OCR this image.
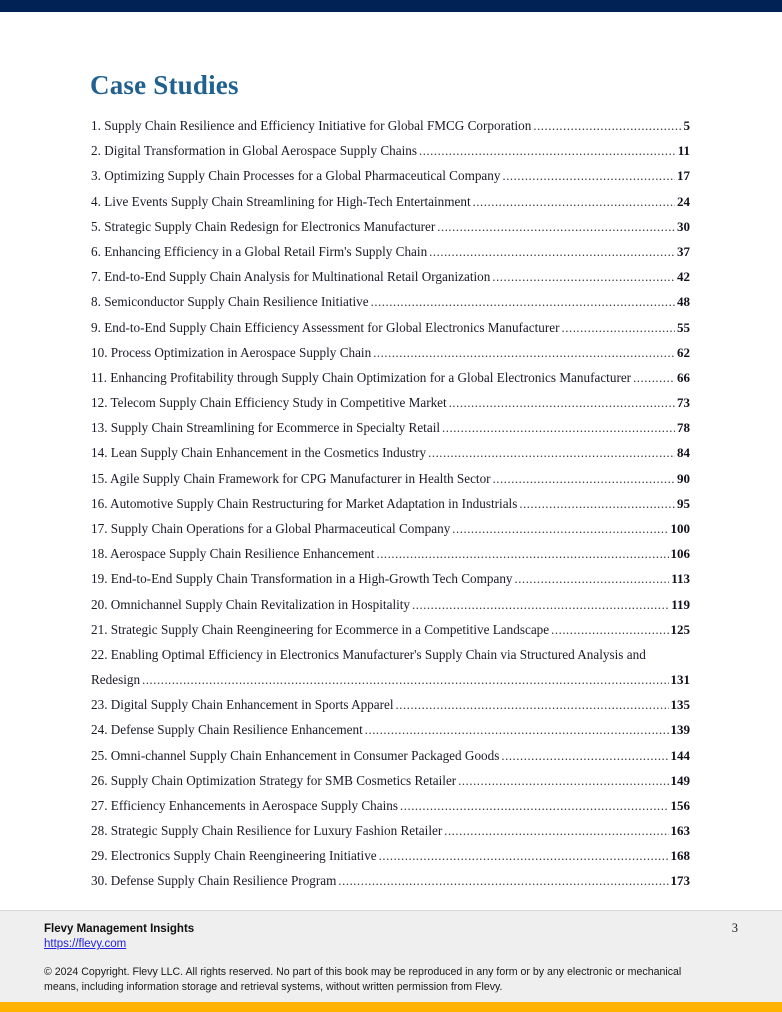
Case Studies
1. Supply Chain Resilience and Efficiency Initiative for Global FMCG Corporation .....	5
2. Digital Transformation in Global Aerospace Supply Chains .....	11
3. Optimizing Supply Chain Processes for a Global Pharmaceutical Company .....	17
4. Live Events Supply Chain Streamlining for High-Tech Entertainment .....	24
5. Strategic Supply Chain Redesign for Electronics Manufacturer .....	30
6. Enhancing Efficiency in a Global Retail Firm's Supply Chain .....	37
7. End-to-End Supply Chain Analysis for Multinational Retail Organization .....	42
8. Semiconductor Supply Chain Resilience Initiative .....	48
9. End-to-End Supply Chain Efficiency Assessment for Global Electronics Manufacturer .....	55
10. Process Optimization in Aerospace Supply Chain .....	62
11. Enhancing Profitability through Supply Chain Optimization for a Global Electronics Manufacturer .....	66
12. Telecom Supply Chain Efficiency Study in Competitive Market .....	73
13. Supply Chain Streamlining for Ecommerce in Specialty Retail .....	78
14. Lean Supply Chain Enhancement in the Cosmetics Industry .....	84
15. Agile Supply Chain Framework for CPG Manufacturer in Health Sector .....	90
16. Automotive Supply Chain Restructuring for Market Adaptation in Industrials .....	95
17. Supply Chain Operations for a Global Pharmaceutical Company .....	100
18. Aerospace Supply Chain Resilience Enhancement .....	106
19. End-to-End Supply Chain Transformation in a High-Growth Tech Company .....	113
20. Omnichannel Supply Chain Revitalization in Hospitality .....	119
21. Strategic Supply Chain Reengineering for Ecommerce in a Competitive Landscape .....	125
22. Enabling Optimal Efficiency in Electronics Manufacturer's Supply Chain via Structured Analysis and
Redesign .....	131
23. Digital Supply Chain Enhancement in Sports Apparel .....	135
24. Defense Supply Chain Resilience Enhancement .....	139
25. Omni-channel Supply Chain Enhancement in Consumer Packaged Goods .....	144
26. Supply Chain Optimization Strategy for SMB Cosmetics Retailer .....	149
27. Efficiency Enhancements in Aerospace Supply Chains .....	156
28. Strategic Supply Chain Resilience for Luxury Fashion Retailer .....	163
29. Electronics Supply Chain Reengineering Initiative .....	168
30. Defense Supply Chain Resilience Program .....	173
Flevy Management Insights	3
https://flevy.com
© 2024 Copyright. Flevy LLC. All rights reserved. No part of this book may be reproduced in any form or by any electronic or mechanical means, including information storage and retrieval systems, without written permission from Flevy.
